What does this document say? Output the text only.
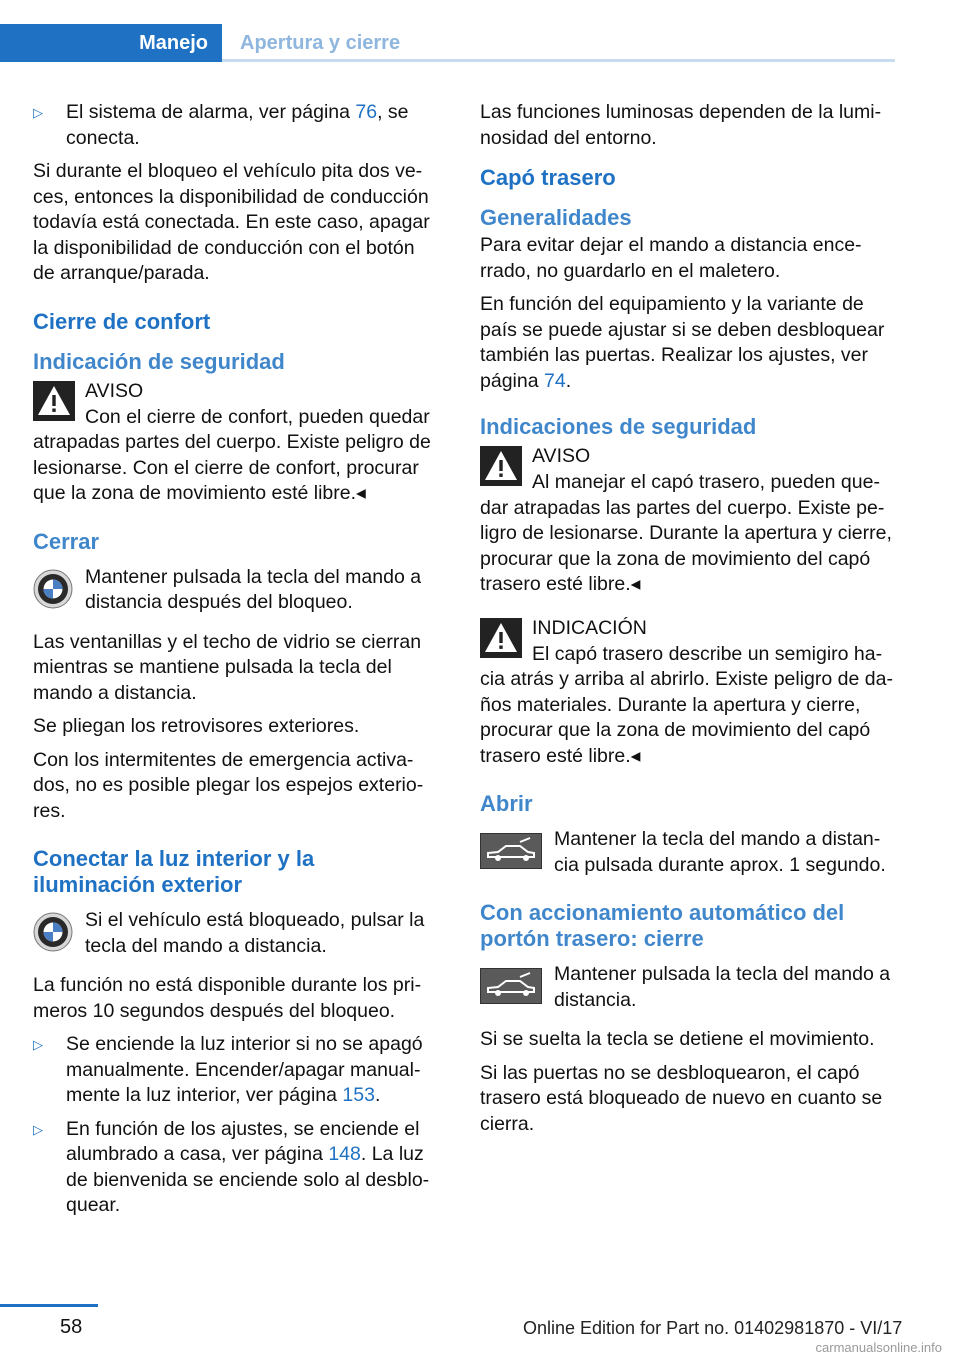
Manejo Apertura y cierre
▷	El sistema de alarma, ver página 76, se conecta.

Si durante el bloqueo el vehículo pita dos ve‐ces, entonces la disponibilidad de conducción todavía está conectada. En este caso, apagar la disponibilidad de conducción con el botón de arranque/parada.

Cierre de confort
Indicación de seguridad
AVISO

Con el cierre de confort, pueden quedar atrapadas partes del cuerpo. Existe peligro de lesionarse. Con el cierre de confort, procurar que la zona de movimiento esté libre.◂

Cerrar
Mantener pulsada la tecla del mando a distancia después del bloqueo.

Las ventanillas y el techo de vidrio se cierran mientras se mantiene pulsada la tecla del mando a distancia.

Se pliegan los retrovisores exteriores.

Con los intermitentes de emergencia activa‐dos, no es posible plegar los espejos exterio‐res.

Conectar la luz interior y la iluminación exterior
Si el vehículo está bloqueado, pulsar la tecla del mando a distancia.

La función no está disponible durante los pri‐meros 10 segundos después del bloqueo.

▷	Se enciende la luz interior si no se apagó manualmente. Encender/apagar manual‐mente la luz interior, ver página 153.
▷	En función de los ajustes, se enciende el alumbrado a casa, ver página 148. La luz de bienvenida se enciende solo al desblo‐quear.

Las funciones luminosas dependen de la lumi‐nosidad del entorno.

Capó trasero
Generalidades

Para evitar dejar el mando a distancia ence‐rrado, no guardarlo en el maletero.

En función del equipamiento y la variante de país se puede ajustar si se deben desbloquear también las puertas. Realizar los ajustes, ver página 74.

Indicaciones de seguridad
AVISO

Al manejar el capó trasero, pueden que‐dar atrapadas las partes del cuerpo. Existe pe‐ligro de lesionarse. Durante la apertura y cierre, procurar que la zona de movimiento del capó trasero esté libre.◂

INDICACIÓN

El capó trasero describe un semigiro ha‐cia atrás y arriba al abrirlo. Existe peligro de da‐ños materiales. Durante la apertura y cierre, procurar que la zona de movimiento del capó trasero esté libre.◂

Abrir
Mantener la tecla del mando a distan‐cia pulsada durante aprox. 1 segundo.
Con accionamiento automático del portón trasero: cierre
Mantener pulsada la tecla del mando a distancia.

Si se suelta la tecla se detiene el movimiento.

Si las puertas no se desbloquearon, el capó trasero está bloqueado de nuevo en cuanto se cierra.

58	Online Edition for Part no. 01402981870 - VI/17
carmanualsonline.info
